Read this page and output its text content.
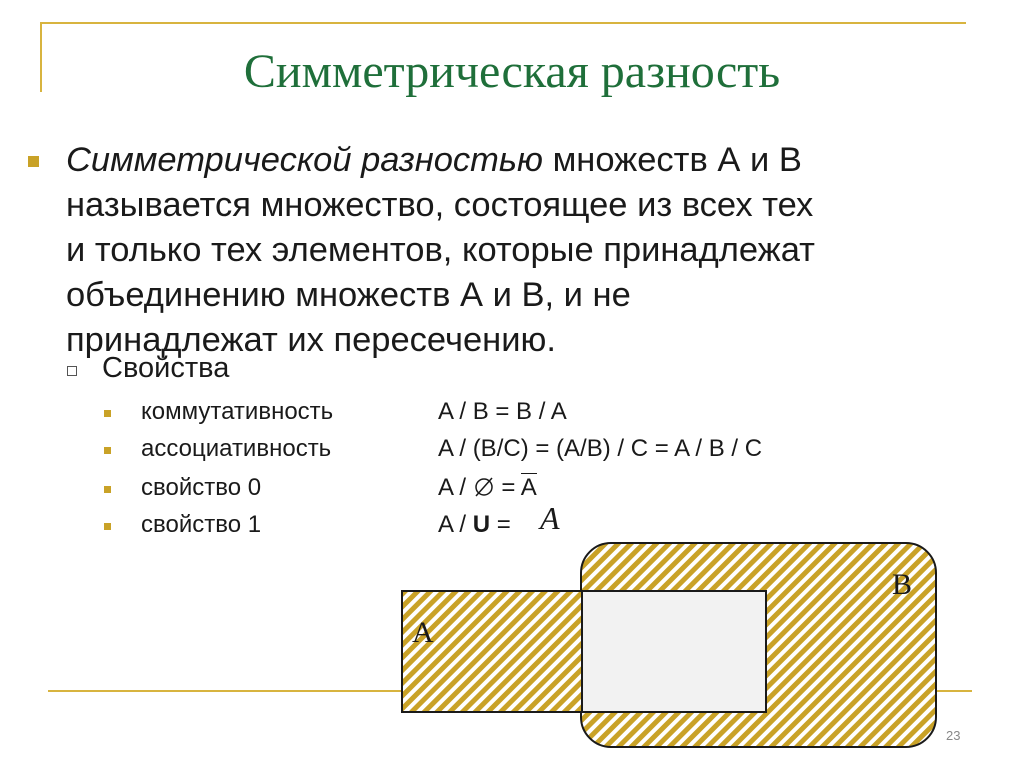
Симметрическая разность
Симметрической разностью множеств А и В
называется множество, состоящее из всех тех
и только тех элементов, которые принадлежат
объединению множеств А и В, и не
принадлежат их пересечению.
Свойства
коммутативность	A / B = B / A
ассоциативность	A / (B/C) = (A/B) / C = A / B / C
свойство 0	A /  = A
свойство 1	A / U = A
A
B
23
